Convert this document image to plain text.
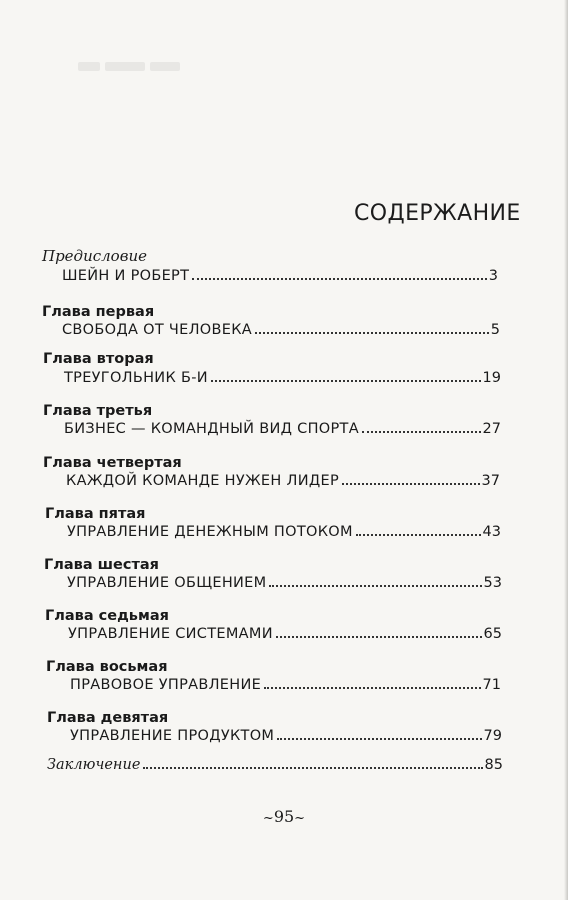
СОДЕРЖАНИЕ
Предисловие
ШЕЙН И РОБЕРТ	3
Глава первая
СВОБОДА ОТ ЧЕЛОВЕКА	5
Глава вторая
ТРЕУГОЛЬНИК Б-И	19
Глава третья
БИЗНЕС — КОМАНДНЫЙ ВИД СПОРТА	27
Глава четвертая
КАЖДОЙ КОМАНДЕ НУЖЕН ЛИДЕР	37
Глава пятая
УПРАВЛЕНИЕ ДЕНЕЖНЫМ ПОТОКОМ	43
Глава шестая
УПРАВЛЕНИЕ ОБЩЕНИЕМ	53
Глава седьмая
УПРАВЛЕНИЕ СИСТЕМАМИ	65
Глава восьмая
ПРАВОВОЕ УПРАВЛЕНИЕ	71
Глава девятая
УПРАВЛЕНИЕ ПРОДУКТОМ	79
Заключение	85
~95~
